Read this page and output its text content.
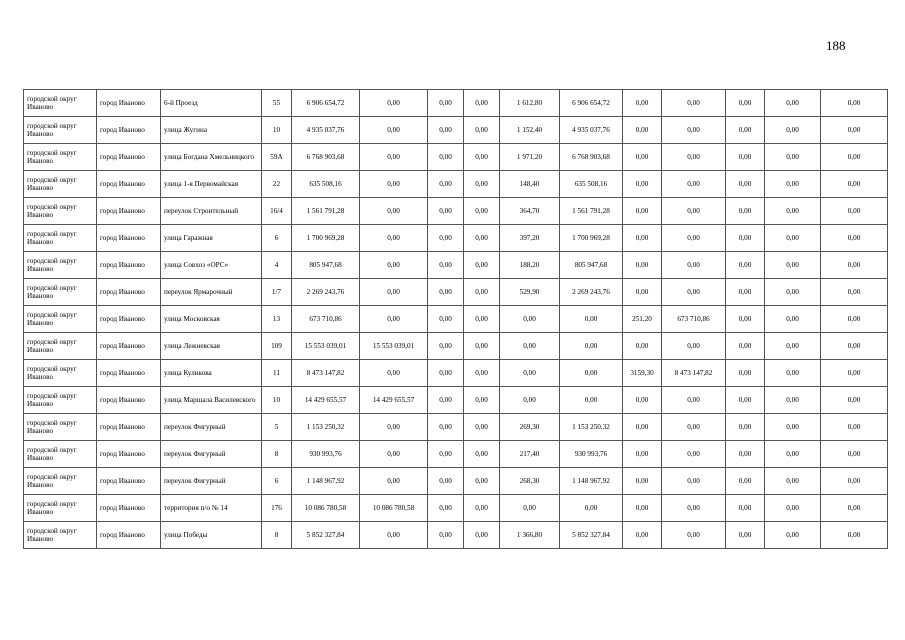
188
городской округ Иваново	город Иваново	6-й Проезд	55	6 906 654,72	0,00	0,00	0,00	1 612,80	6 906 654,72	0,00	0,00	0,00	0,00	0,00
городской округ Иваново	город Иваново	улица Жугина	10	4 935 037,76	0,00	0,00	0,00	1 152,40	4 935 037,76	0,00	0,00	0,00	0,00	0,00
городской округ Иваново	город Иваново	улица Богдана Хмельницкого	59А	6 768 903,68	0,00	0,00	0,00	1 971,20	6 768 903,68	0,00	0,00	0,00	0,00	0,00
городской округ Иваново	город Иваново	улица 1-я Первомайская	22	635 508,16	0,00	0,00	0,00	148,40	635 508,16	0,00	0,00	0,00	0,00	0,00
городской округ Иваново	город Иваново	переулок Строительный	16/4	1 561 791,28	0,00	0,00	0,00	364,70	1 561 791,28	0,00	0,00	0,00	0,00	0,00
городской округ Иваново	город Иваново	улица Гаражная	6	1 700 969,28	0,00	0,00	0,00	397,20	1 700 969,28	0,00	0,00	0,00	0,00	0,00
городской округ Иваново	город Иваново	улица Совхоз «ОРС»	4	805 947,68	0,00	0,00	0,00	188,20	805 947,68	0,00	0,00	0,00	0,00	0,00
городской округ Иваново	город Иваново	переулок Ярмарочный	1/7	2 269 243,76	0,00	0,00	0,00	529,90	2 269 243,76	0,00	0,00	0,00	0,00	0,00
городской округ Иваново	город Иваново	улица Московская	13	673 710,86	0,00	0,00	0,00	0,00	0,00	251,20	673 710,86	0,00	0,00	0,00
городской округ Иваново	город Иваново	улица Лежневская	109	15 553 039,01	15 553 039,01	0,00	0,00	0,00	0,00	0,00	0,00	0,00	0,00	0,00
городской округ Иваново	город Иваново	улица Куликова	11	8 473 147,82	0,00	0,00	0,00	0,00	0,00	3159,30	8 473 147,82	0,00	0,00	0,00
городской округ Иваново	город Иваново	улица Маршала Василевского	10	14 429 655,57	14 429 655,57	0,00	0,00	0,00	0,00	0,00	0,00	0,00	0,00	0,00
городской округ Иваново	город Иваново	переулок Фигурный	5	1 153 250,32	0,00	0,00	0,00	269,30	1 153 250,32	0,00	0,00	0,00	0,00	0,00
городской округ Иваново	город Иваново	переулок Фигурный	8	930 993,76	0,00	0,00	0,00	217,40	930 993,76	0,00	0,00	0,00	0,00	0,00
городской округ Иваново	город Иваново	переулок Фигурный	6	1 148 967,92	0,00	0,00	0,00	268,30	1 148 967,92	0,00	0,00	0,00	0,00	0,00
городской округ Иваново	город Иваново	территория п/о № 14	176	10 086 780,58	10 086 780,58	0,00	0,00	0,00	0,00	0,00	0,00	0,00	0,00	0,00
городской округ Иваново	город Иваново	улица Победы	8	5 852 327,84	0,00	0,00	0,00	1 366,80	5 852 327,84	0,00	0,00	0,00	0,00	0,00
